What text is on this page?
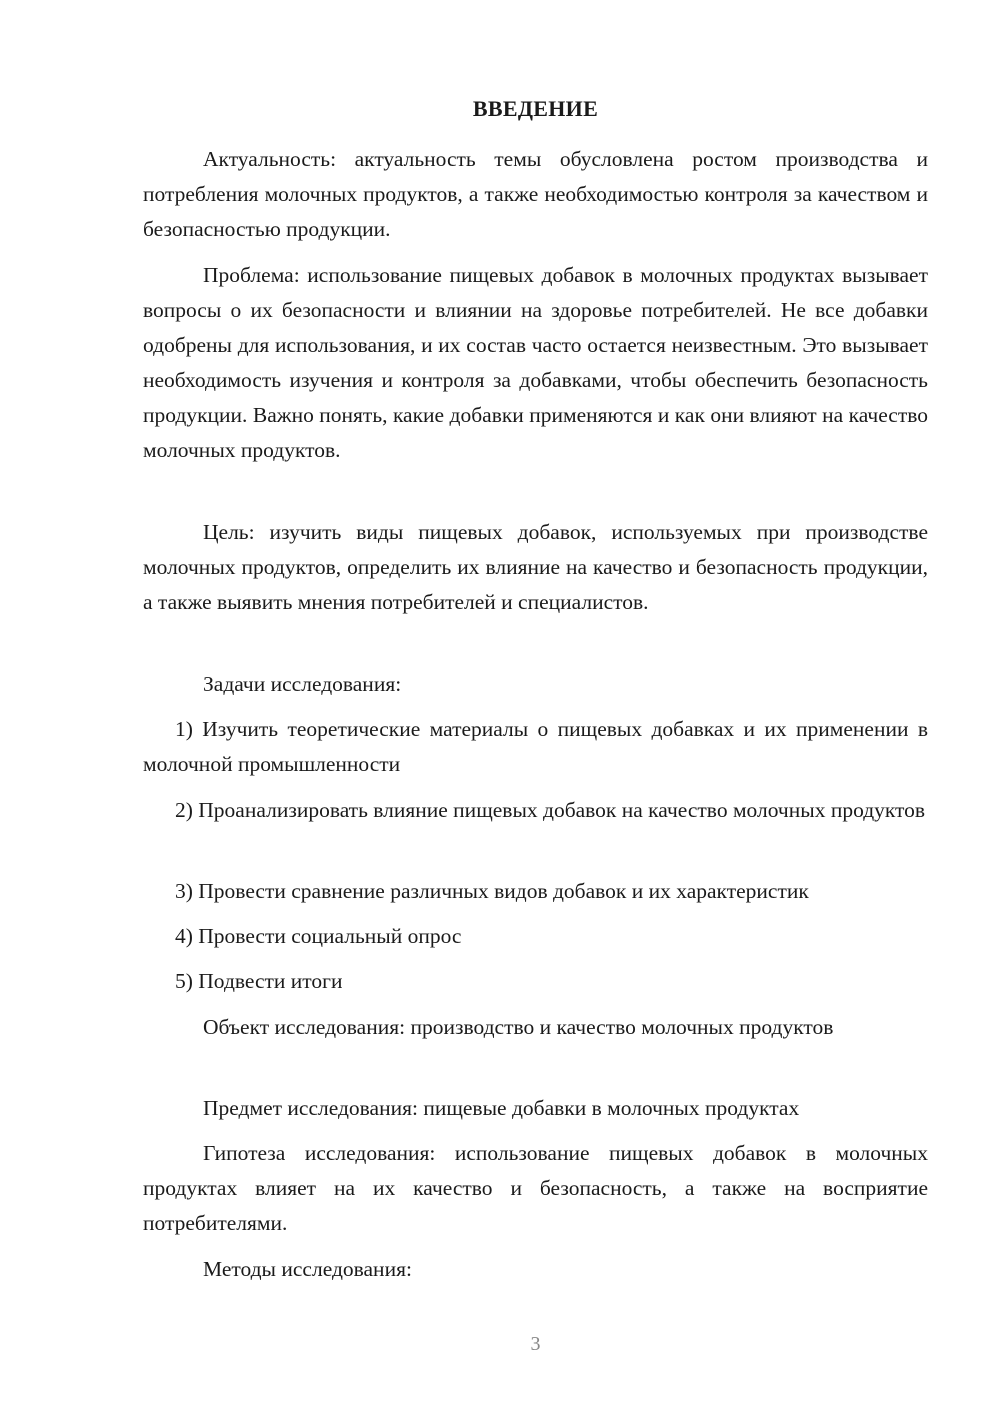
ВВЕДЕНИЕ

Актуальность: актуальность темы обусловлена ростом производства и потребления молочных продуктов, а также необходимостью контроля за качеством и безопасностью продукции.

Проблема: использование пищевых добавок в молочных продуктах вызывает вопросы о их безопасности и влиянии на здоровье потребителей. Не все добавки одобрены для использования, и их состав часто остается неизвестным. Это вызывает необходимость изучения и контроля за добавками, чтобы обеспечить безопасность продукции. Важно понять, какие добавки применяются и как они влияют на качество молочных продуктов.

Цель: изучить виды пищевых добавок, используемых при производстве молочных продуктов, определить их влияние на качество и безопасность продукции, а также выявить мнения потребителей и специалистов.

Задачи исследования:

1) Изучить теоретические материалы о пищевых добавках и их применении в молочной промышленности

2) Проанализировать влияние пищевых добавок на качество молочных продуктов

3) Провести сравнение различных видов добавок и их характеристик

4) Провести социальный опрос

5) Подвести итоги

Объект исследования: производство и качество молочных продуктов

Предмет исследования: пищевые добавки в молочных продуктах

Гипотеза исследования: использование пищевых добавок в молочных продуктах влияет на их качество и безопасность, а также на восприятие потребителями.

Методы исследования:

3
